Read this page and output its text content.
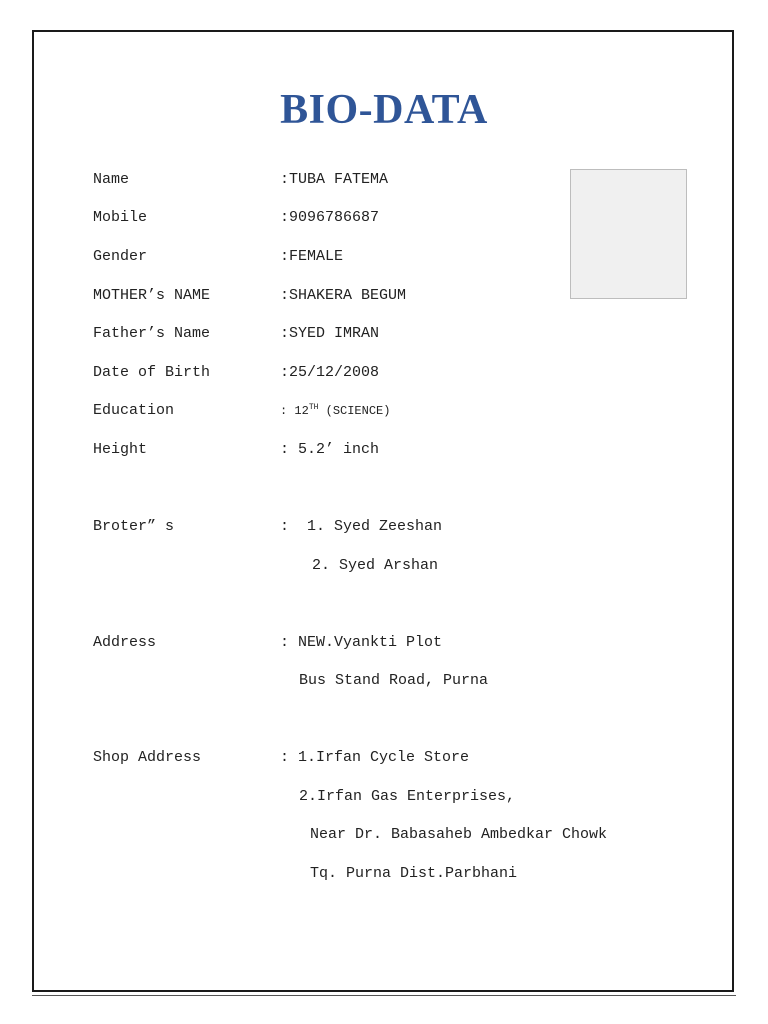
BIO-DATA

Name

	:TUBA FATEMA

Mobile

	:9096786687

Gender

	:FEMALE

MOTHER’s NAME

	:SHAKERA BEGUM

Father’s Name

	:SYED IMRAN

Date of Birth

	:25/12/2008

Education

	: 12TH (SCIENCE)

Height

	: 5.2’ inch

Broter” s

	:  1. Syed Zeeshan

2. Syed Arshan

Address

	: NEW.Vyankti Plot

Bus Stand Road, Purna

Shop Address

	: 1.Irfan Cycle Store

2.Irfan Gas Enterprises,
Near Dr. Babasaheb Ambedkar Chowk
Tq. Purna Dist.Parbhani
